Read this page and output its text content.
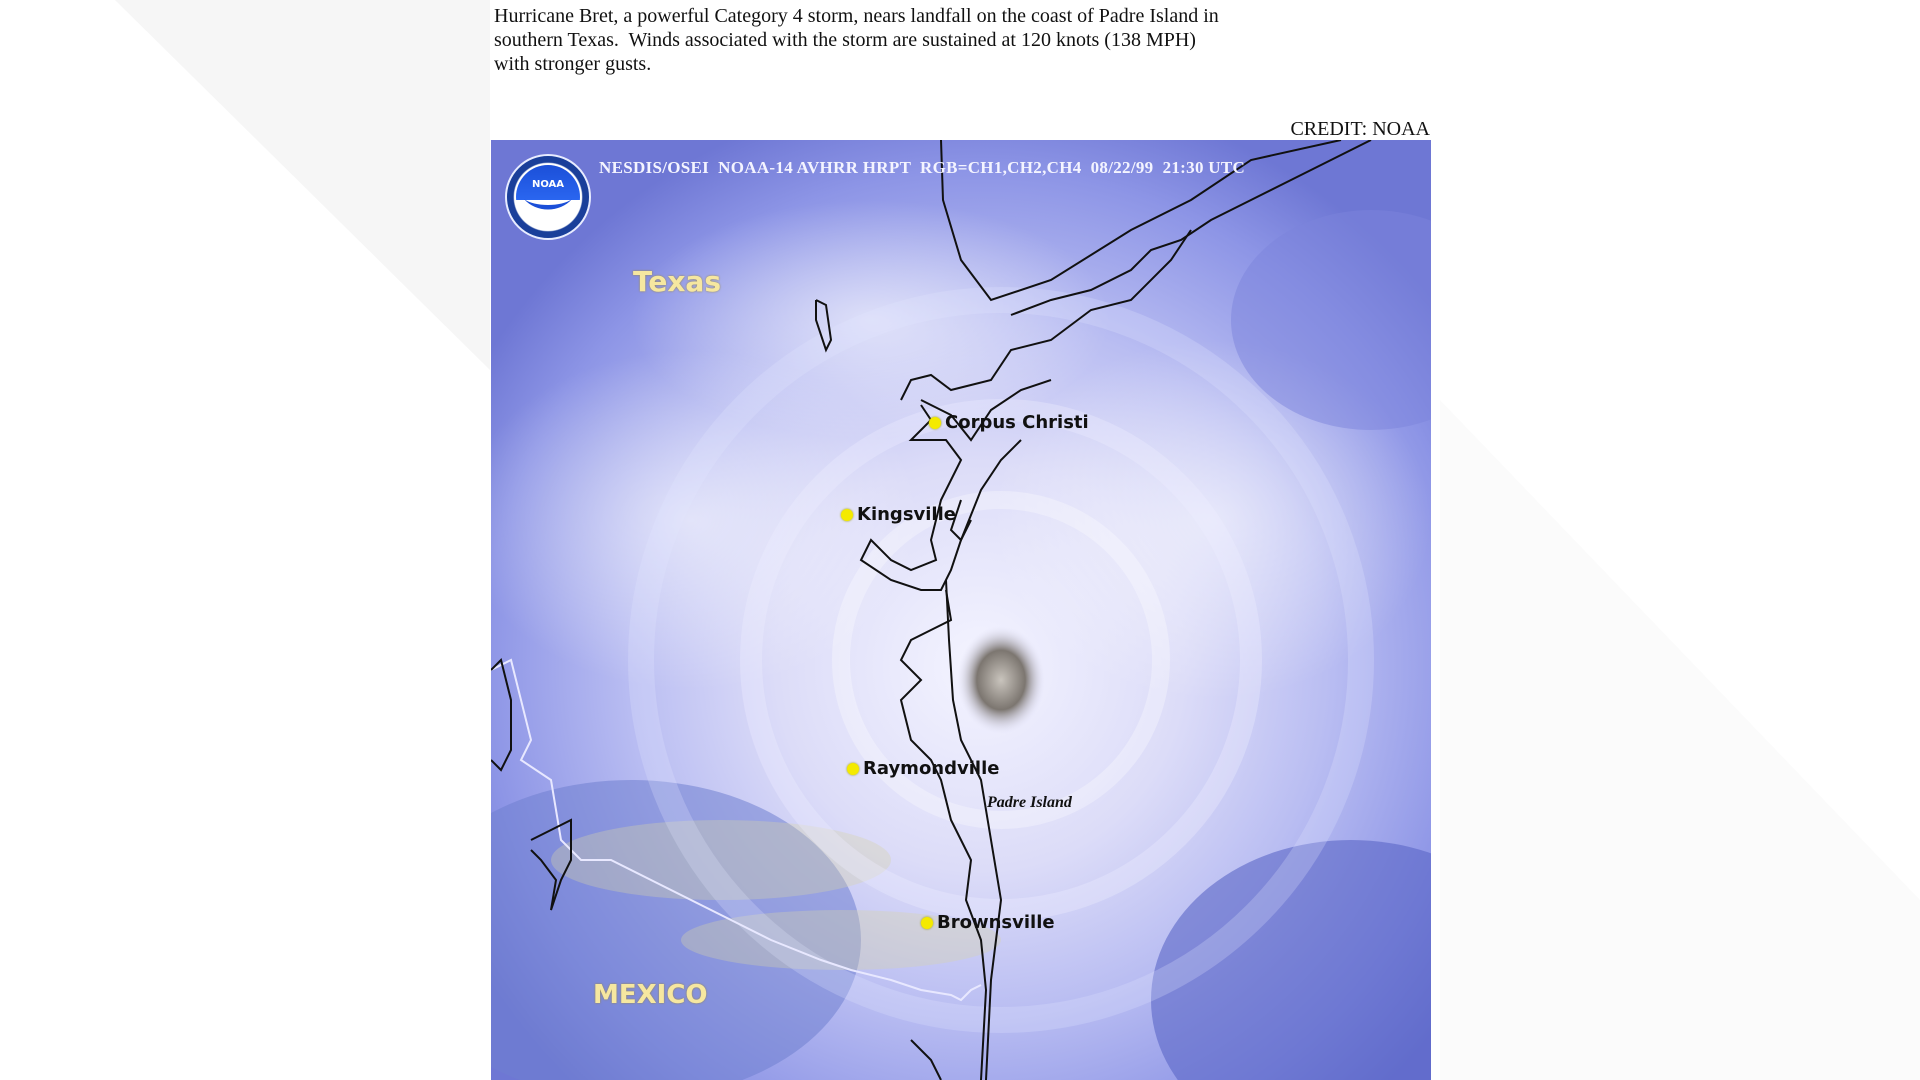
Hurricane Bret, a powerful Category 4 storm, nears landfall on the coast of Padre Island in
southern Texas.  Winds associated with the storm are sustained at 120 knots (138 MPH)
with stronger gusts.
CREDIT: NOAA
NESDIS/OSEI  NOAA-14 AVHRR HRPT  RGB=CH1,CH2,CH4  08/22/99  21:30 UTC
NOAA
Texas
MEXICO
Corpus Christi
Kingsville
Raymondville
Brownsville
Padre Island
